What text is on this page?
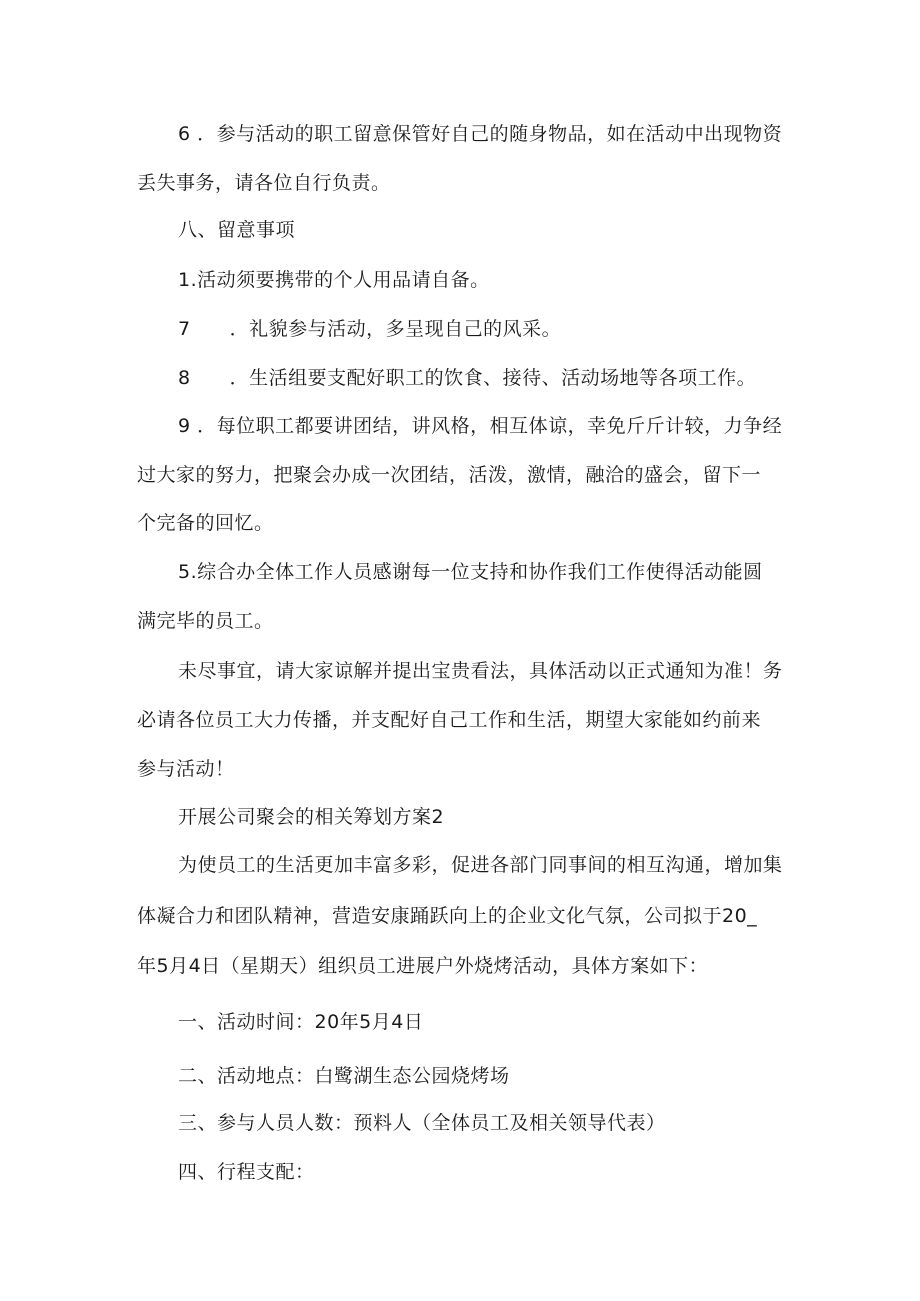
6 ．参与活动的职工留意保管好自己的随身物品，如在活动中出现物资
丢失事务，请各位自行负责。
八、留意事项
1.活动须要携带的个人用品请自备。
7　　．礼貌参与活动，多呈现自己的风采。
8　　．生活组要支配好职工的饮食、接待、活动场地等各项工作。
9 ．每位职工都要讲团结，讲风格，相互体谅，幸免斤斤计较，力争经
过大家的努力，把聚会办成一次团结，活泼，激情，融洽的盛会，留下一
个完备的回忆。
5.综合办全体工作人员感谢每一位支持和协作我们工作使得活动能圆
满完毕的员工。
未尽事宜，请大家谅解并提出宝贵看法，具体活动以正式通知为准！务
必请各位员工大力传播，并支配好自己工作和生活，期望大家能如约前来
参与活动！
开展公司聚会的相关筹划方案2
为使员工的生活更加丰富多彩，促进各部门同事间的相互沟通，增加集
体凝合力和团队精神，营造安康踊跃向上的企业文化气氛，公司拟于20_
年5月4日（星期天）组织员工进展户外烧烤活动，具体方案如下：
一、活动时间：20年5月4日
二、活动地点：白鹭湖生态公园烧烤场
三、参与人员人数：预料人（全体员工及相关领导代表）
四、行程支配：
